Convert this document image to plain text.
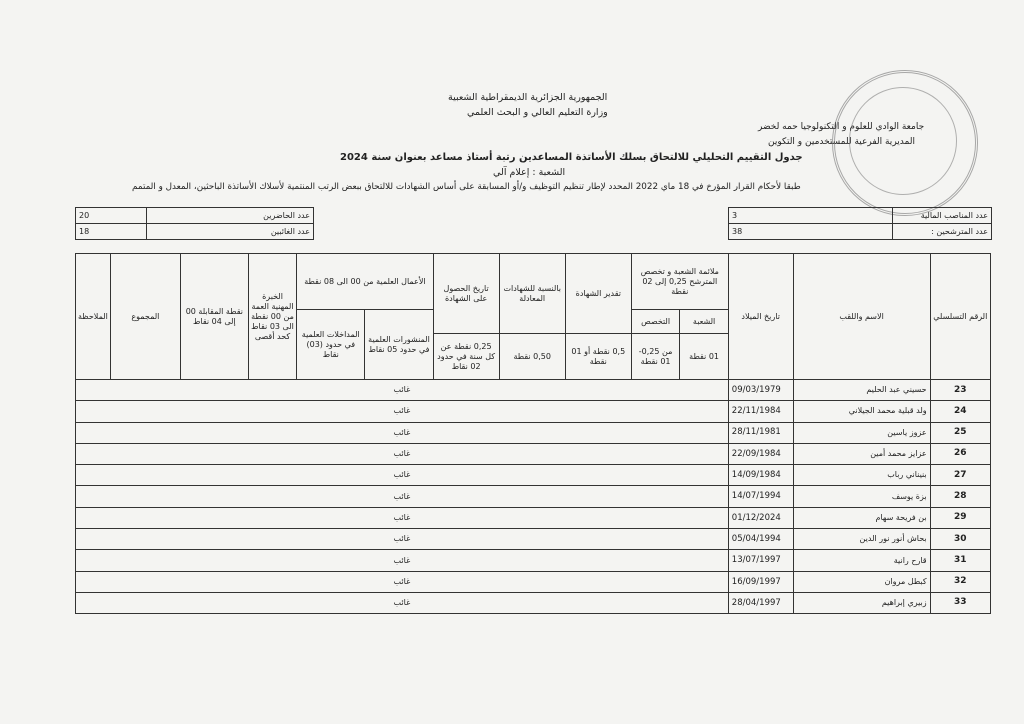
الجمهورية الجزائرية الديمقراطية الشعبية
وزارة التعليم العالي و البحث العلمي
جامعة الوادي للعلوم و التكنولوجيا حمه لخضر
المديرية الفرعية للمستخدمين و التكوين
جدول التقييم التحليلي للالتحاق بسلك الأساتذة المساعدين رتبة أستاذ مساعد بعنوان سنة 2024
الشعبة : إعلام آلي
طبقا لأحكام القرار المؤرخ في 18 ماي 2022 المحدد لإطار تنظيم التوظيف و/أو المسابقة على أساس الشهادات للالتحاق ببعض الرتب المنتمية لأسلاك الأساتذة الباحثين، المعدل و المتمم
عدد المناصب المالية	3
عدد المترشحين :	38
عدد الحاضرين	20
عدد الغائبين	18
الرقم التسلسلي	الاسم واللقب	تاريخ الميلاد	ملائمة الشعبة و تخصص المترشح 0,25 إلى 02 نقطة		تقدير الشهادة	بالنسبة للشهادات المعادلة	تاريخ الحصول على الشهادة	الأعمال العلمية من 00 الى 08 نقطة		الخبرة المهنية العمة من 00 نقطة الى 03 نقاط كحد أقصى	نقطة المقابلة 00 إلى 04 نقاط	المجموع	الملاحظة
			الشعبة	التخصص				المنشورات العلمية في حدود 05 نقاط	المداخلات العلمية في حدود (03) نقاط				
			01 نقطة	من 0,25- 01 نقطة	0,5 نقطة أو 01 نقطة	0,50 نقطة	0,25 نقطة عن كل سنة في حدود 02 نقاط						
23	حسيني عبد الحليم	09/03/1979	غائب										
24	ولد قبلية محمد الجيلاني	22/11/1984	غائب										
25	عزوز ياسين	28/11/1981	غائب										
26	عزايز محمد أمين	22/09/1984	غائب										
27	بنيناني رباب	14/09/1984	غائب										
28	بزة يوسف	14/07/1994	غائب										
29	بن فريحة سهام	01/12/2024	غائب										
30	بحاش أنور نور الدين	05/04/1994	غائب										
31	قارح رانية	13/07/1997	غائب										
32	كبطل مروان	16/09/1997	غائب										
33	زبيري إبراهيم	28/04/1997	غائب										
